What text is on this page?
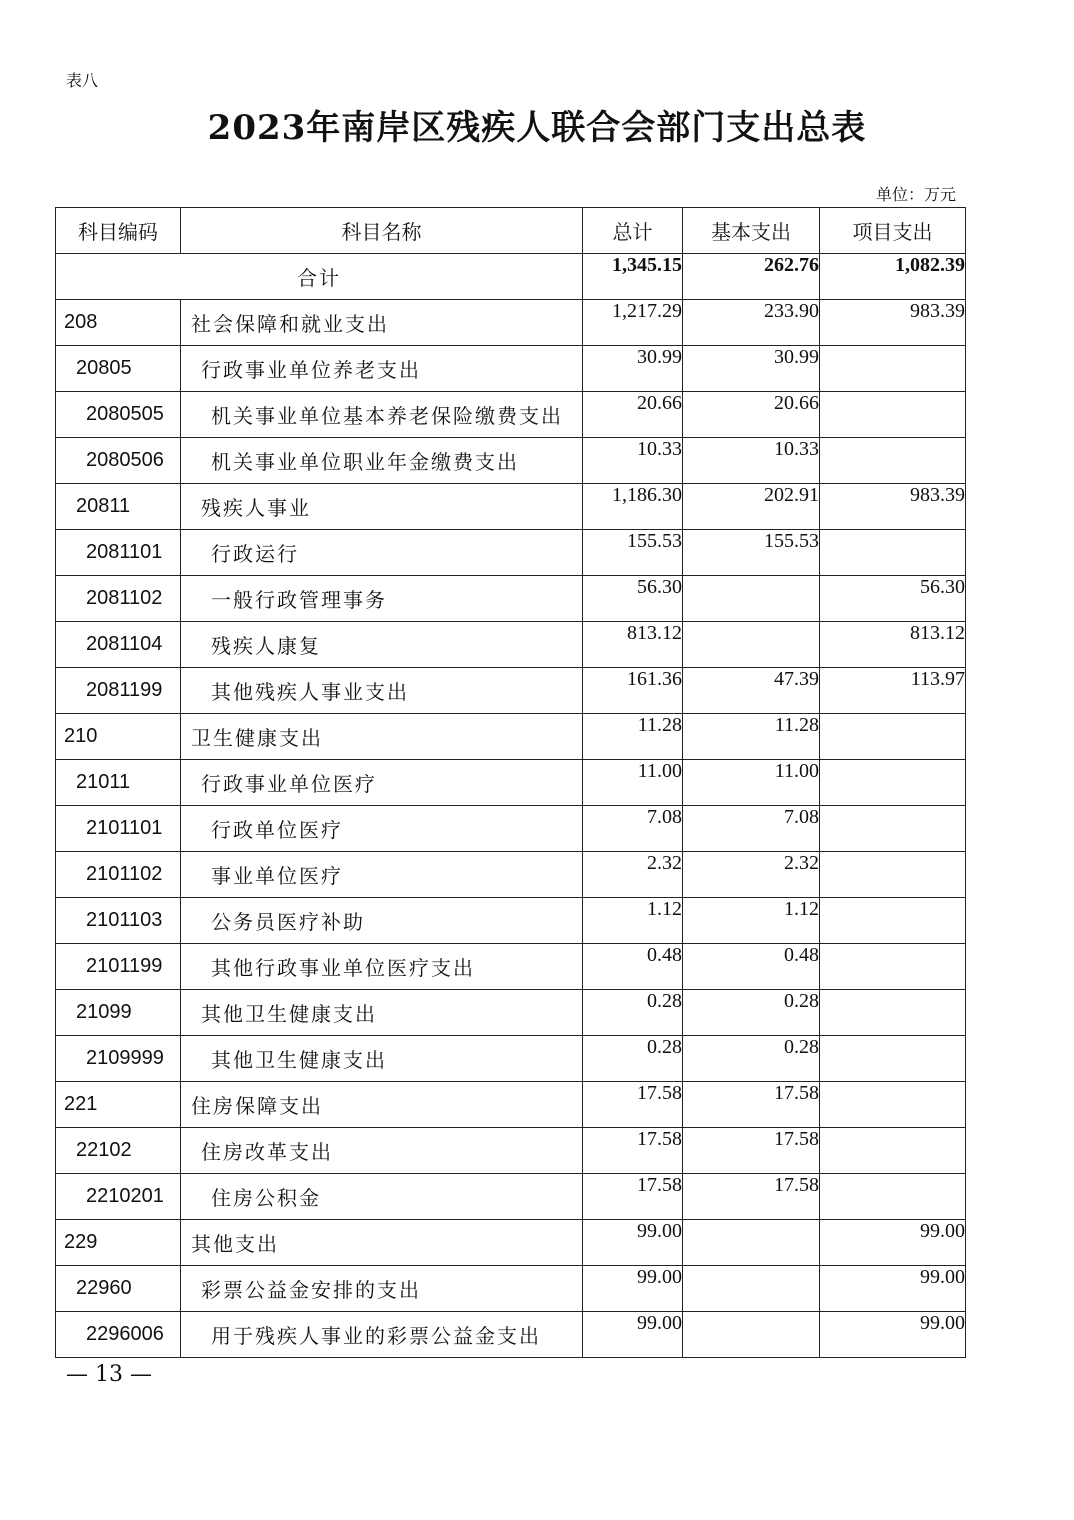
表八
2023年南岸区残疾人联合会部门支出总表
单位：万元
科目编码	科目名称	总计	基本支出	项目支出
合计		1,345.15	262.76	1,082.39
208	社会保障和就业支出	1,217.29	233.90	983.39
20805	行政事业单位养老支出	30.99	30.99	
2080505	机关事业单位基本养老保险缴费支出	20.66	20.66	
2080506	机关事业单位职业年金缴费支出	10.33	10.33	
20811	残疾人事业	1,186.30	202.91	983.39
2081101	行政运行	155.53	155.53	
2081102	一般行政管理事务	56.30		56.30
2081104	残疾人康复	813.12		813.12
2081199	其他残疾人事业支出	161.36	47.39	113.97
210	卫生健康支出	11.28	11.28	
21011	行政事业单位医疗	11.00	11.00	
2101101	行政单位医疗	7.08	7.08	
2101102	事业单位医疗	2.32	2.32	
2101103	公务员医疗补助	1.12	1.12	
2101199	其他行政事业单位医疗支出	0.48	0.48	
21099	其他卫生健康支出	0.28	0.28	
2109999	其他卫生健康支出	0.28	0.28	
221	住房保障支出	17.58	17.58	
22102	住房改革支出	17.58	17.58	
2210201	住房公积金	17.58	17.58	
229	其他支出	99.00		99.00
22960	彩票公益金安排的支出	99.00		99.00
2296006	用于残疾人事业的彩票公益金支出	99.00		99.00
— 13 —
